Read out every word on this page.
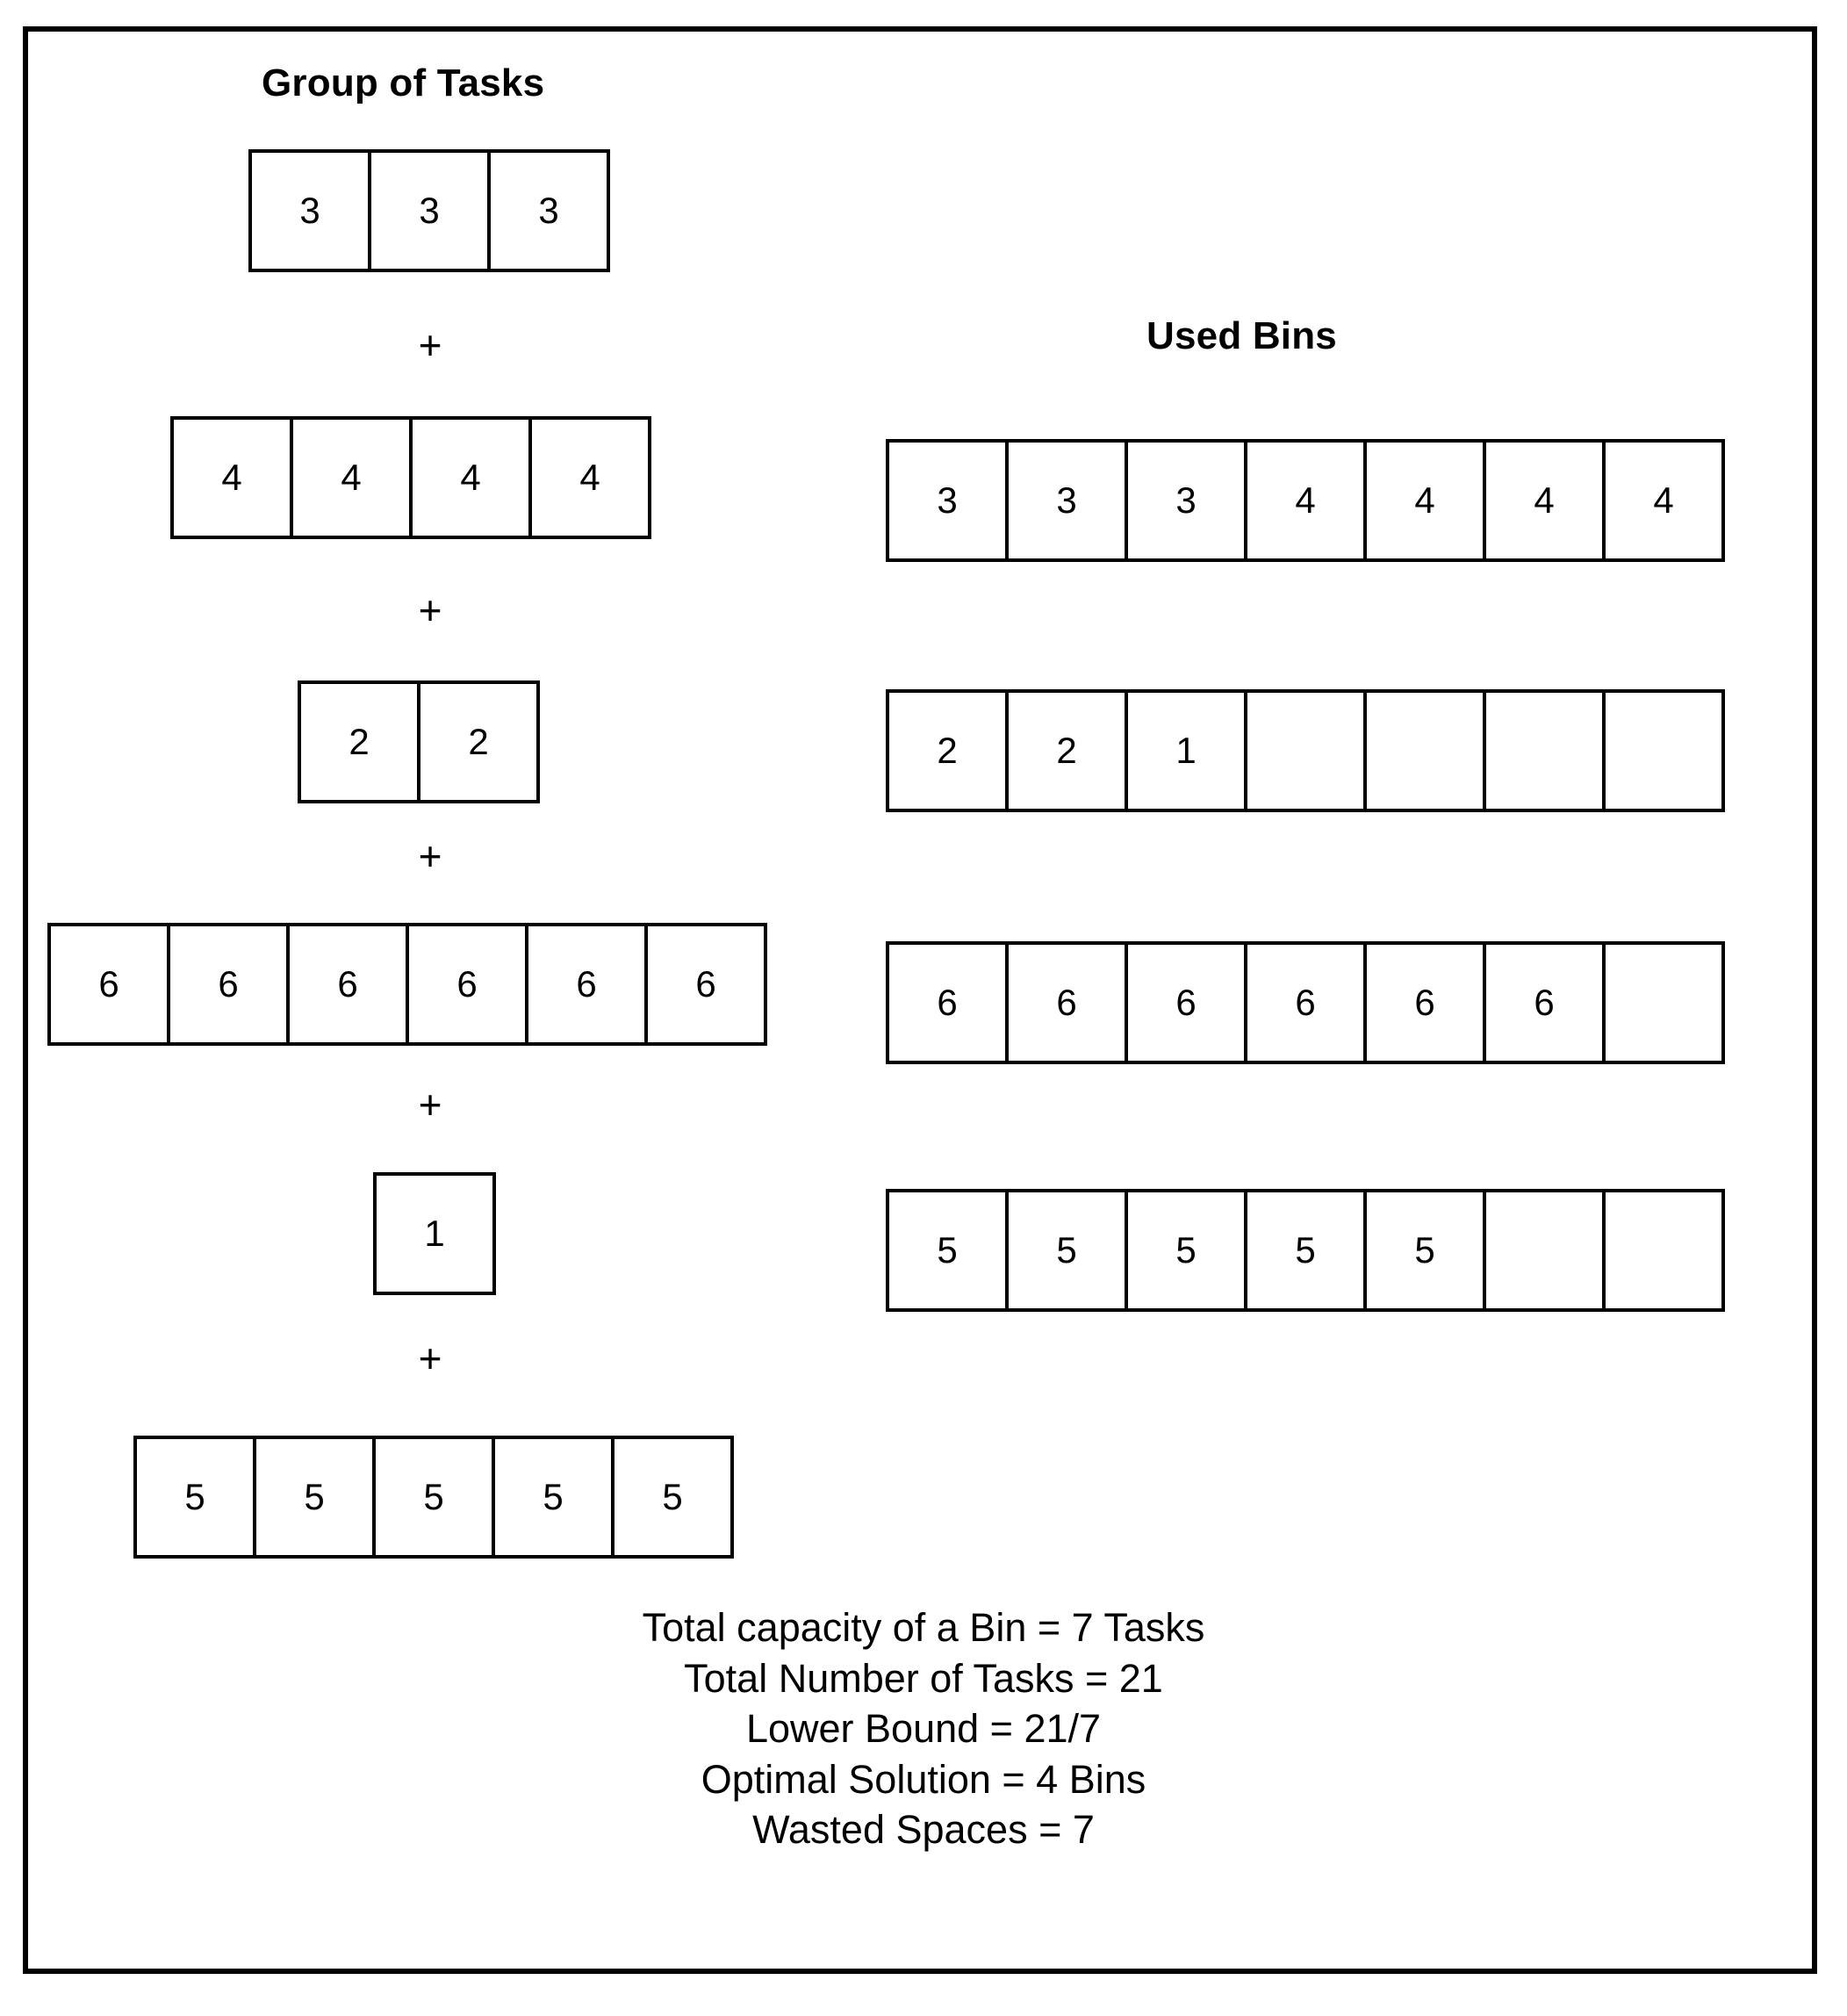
Group of Tasks
Used Bins
3	3	3
+
4	4	4	4
+
2	2
+
6	6	6	6	6	6
+
1
+
5	5	5	5	5
3	3	3	4	4	4	4
2	2	1
6	6	6	6	6	6
5	5	5	5	5
Total capacity of a Bin = 7 Tasks
Total Number of Tasks = 21
Lower Bound = 21/7
Optimal Solution = 4 Bins
Wasted Spaces = 7
